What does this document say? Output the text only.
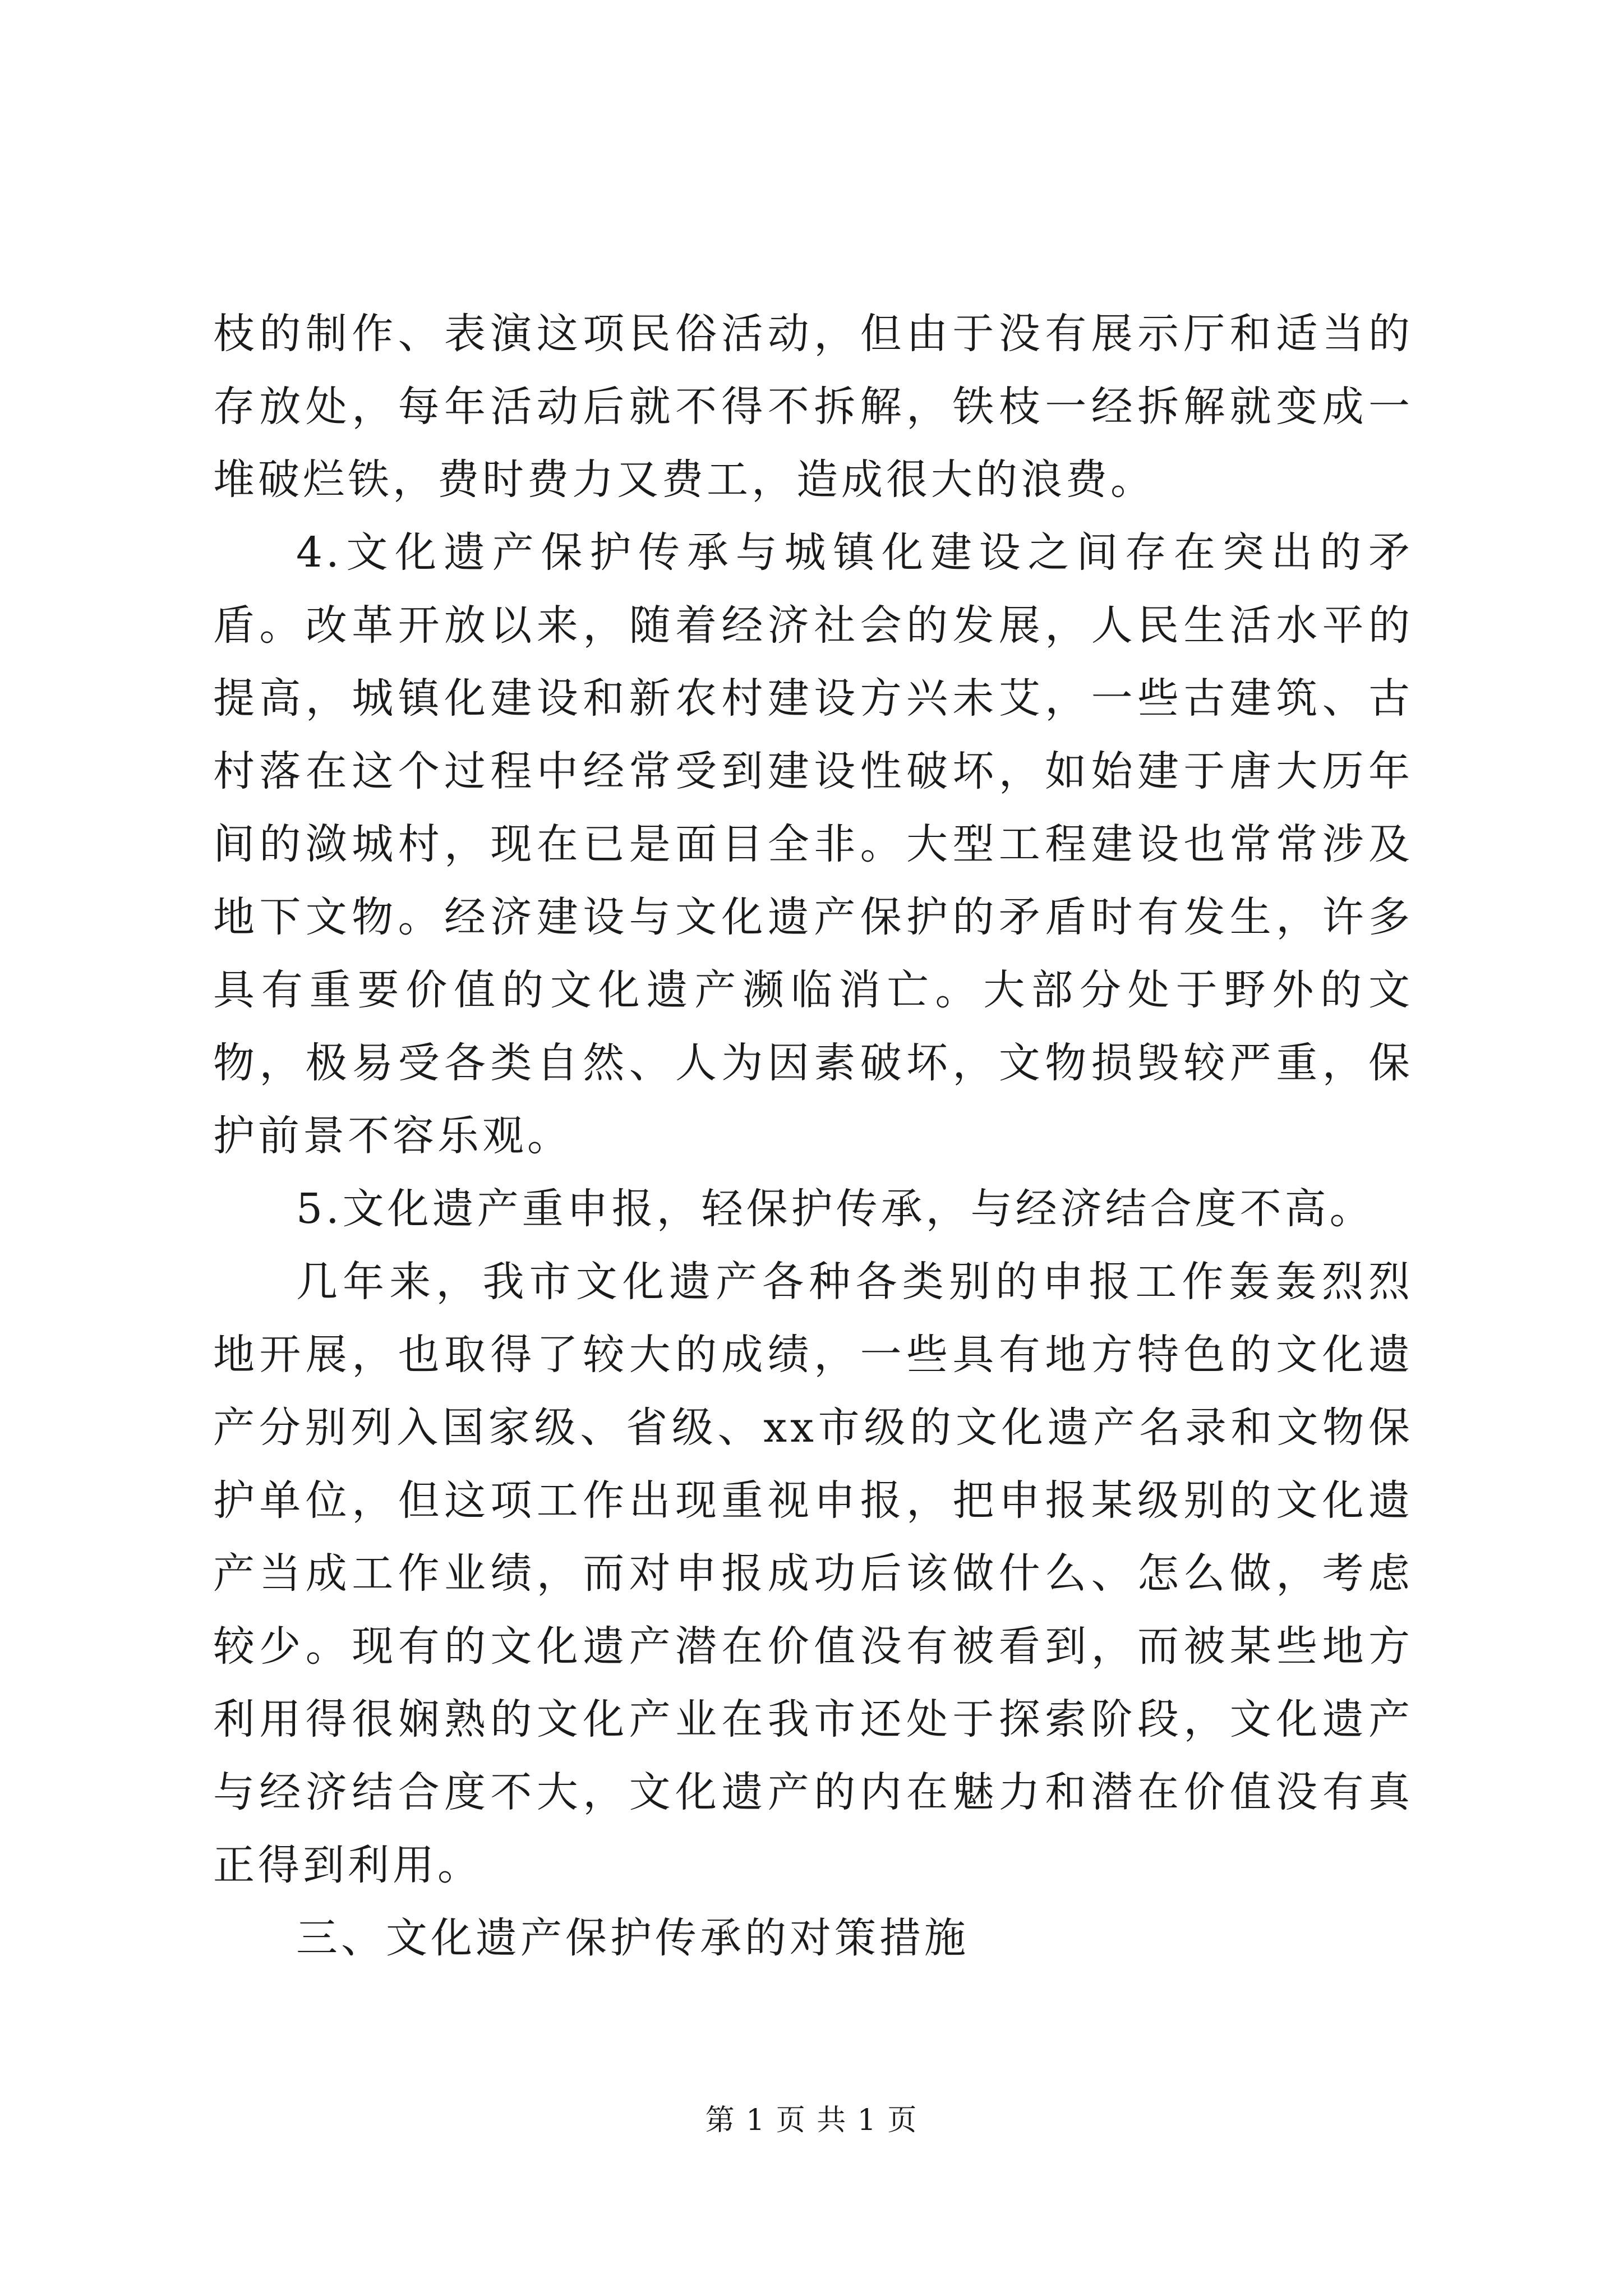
枝的制作、表演这项民俗活动，但由于没有展示厅和适当的存放处，每年活动后就不得不拆解，铁枝一经拆解就变成一堆破烂铁，费时费力又费工，造成很大的浪费。

4.文化遗产保护传承与城镇化建设之间存在突出的矛盾。改革开放以来，随着经济社会的发展，人民生活水平的提高，城镇化建设和新农村建设方兴未艾，一些古建筑、古村落在这个过程中经常受到建设性破坏，如始建于唐大历年间的潋城村，现在已是面目全非。大型工程建设也常常涉及地下文物。经济建设与文化遗产保护的矛盾时有发生，许多具有重要价值的文化遗产濒临消亡。大部分处于野外的文物，极易受各类自然、人为因素破坏，文物损毁较严重，保护前景不容乐观。

5.文化遗产重申报，轻保护传承，与经济结合度不高。

几年来，我市文化遗产各种各类别的申报工作轰轰烈烈地开展，也取得了较大的成绩，一些具有地方特色的文化遗产分别列入国家级、省级、xx市级的文化遗产名录和文物保护单位，但这项工作出现重视申报，把申报某级别的文化遗产当成工作业绩，而对申报成功后该做什么、怎么做，考虑较少。现有的文化遗产潜在价值没有被看到，而被某些地方利用得很娴熟的文化产业在我市还处于探索阶段，文化遗产与经济结合度不大，文化遗产的内在魅力和潜在价值没有真正得到利用。

三、文化遗产保护传承的对策措施

第 1 页 共 1 页
